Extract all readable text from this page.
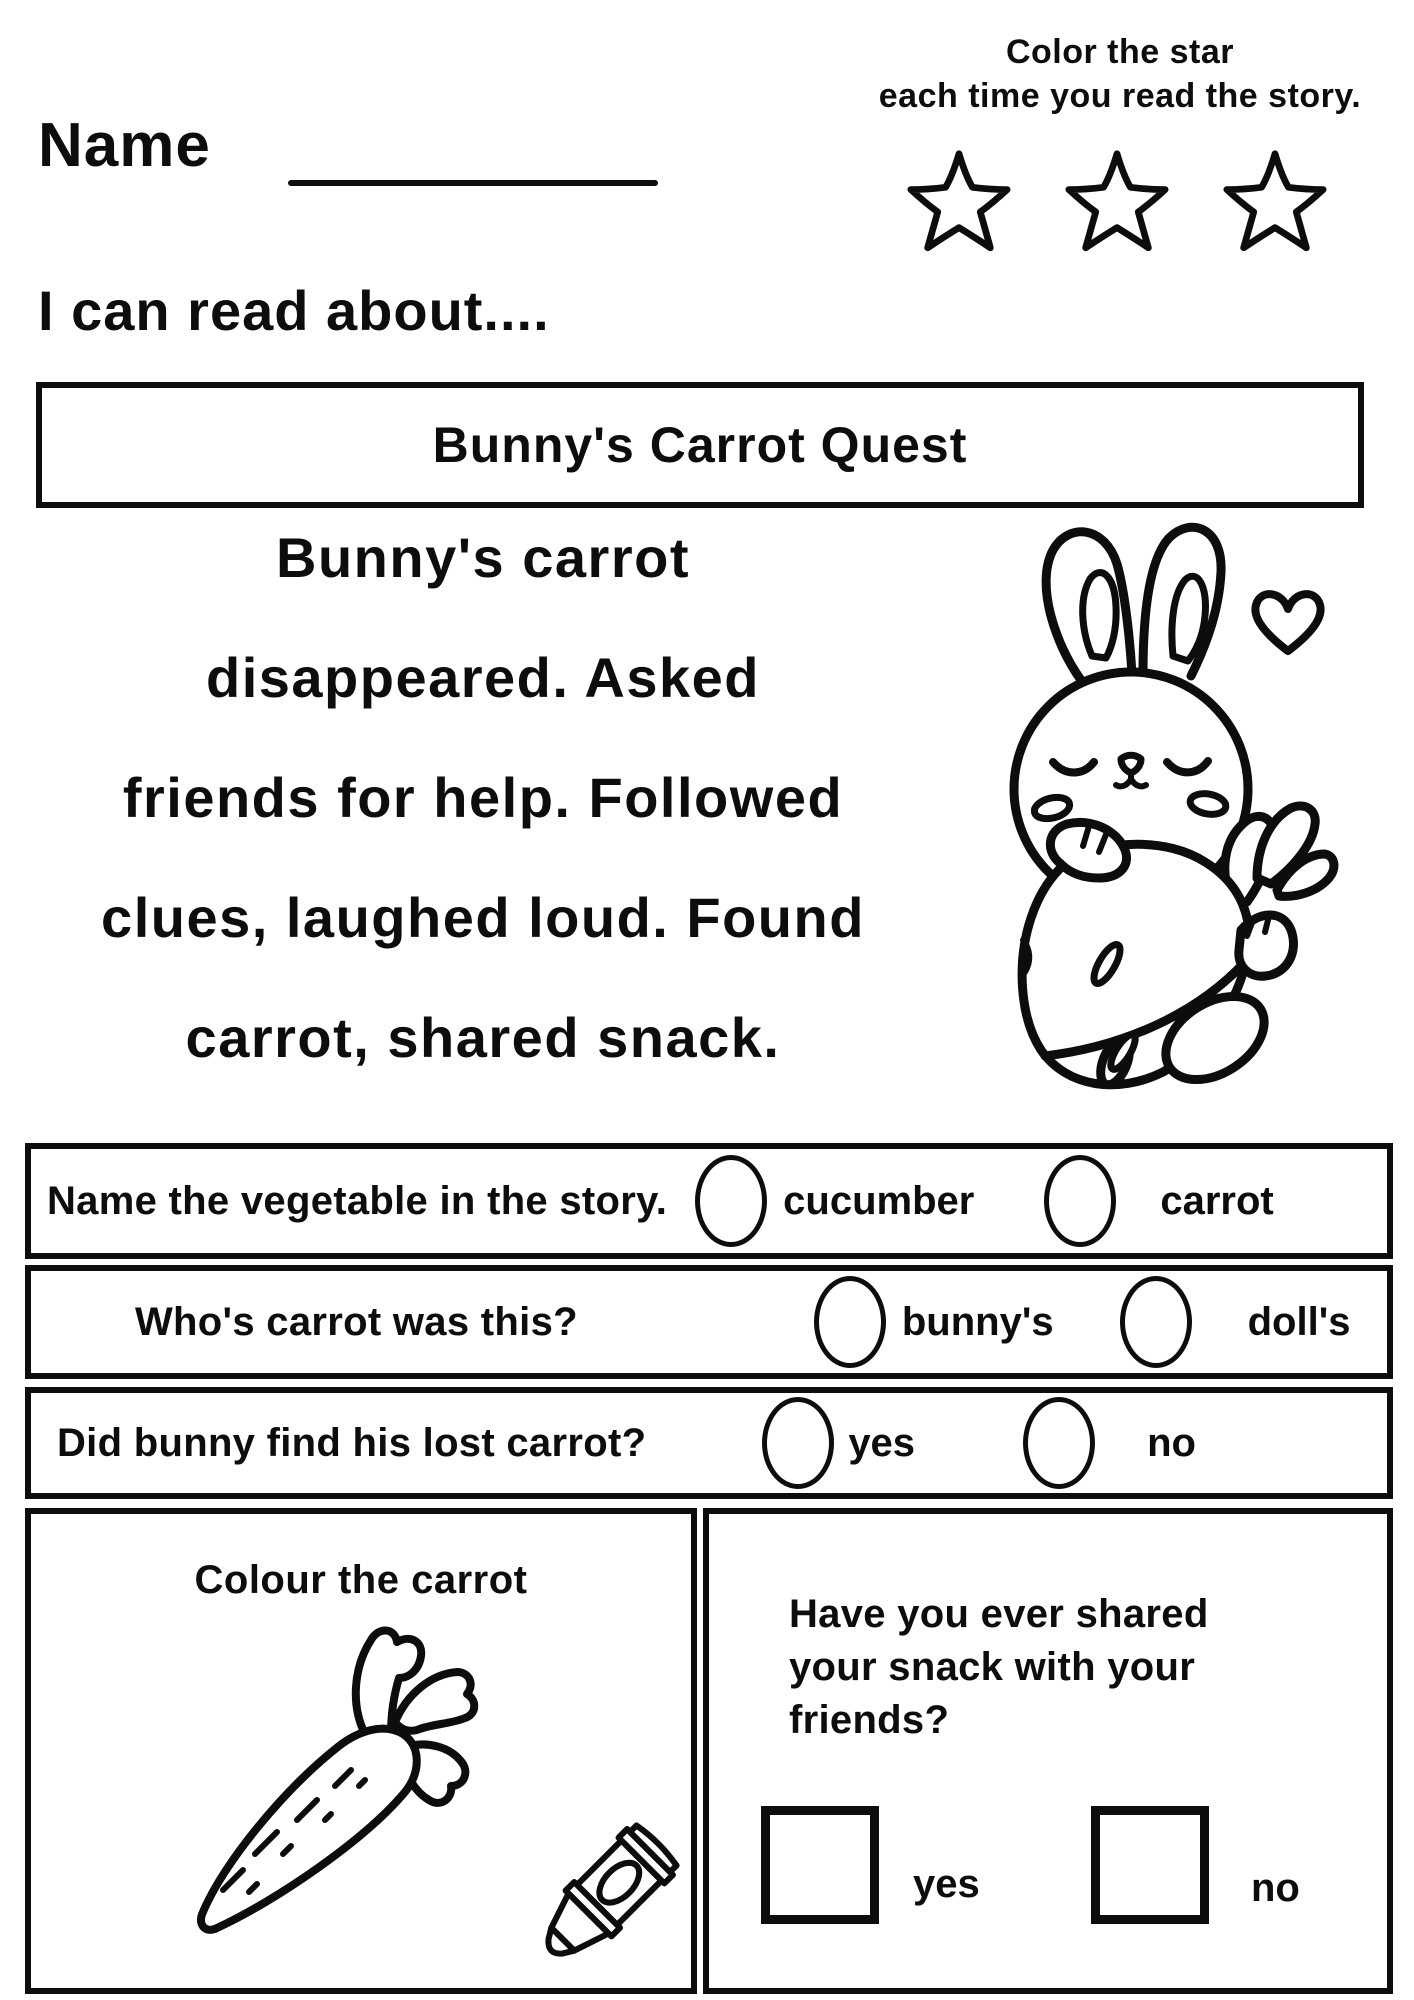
Name
Color the star
each time you read the story.
I can read about....
Bunny's Carrot Quest
Bunny's carrot
disappeared. Asked
friends for help. Followed
clues, laughed loud. Found
carrot, shared snack.
Name the vegetable in the story.	cucumber	carrot
Who's carrot was this?	bunny's	doll's
Did bunny find his lost carrot?	yes	no
Colour the carrot
Have you ever shared
your snack with your
friends?
yes	no
